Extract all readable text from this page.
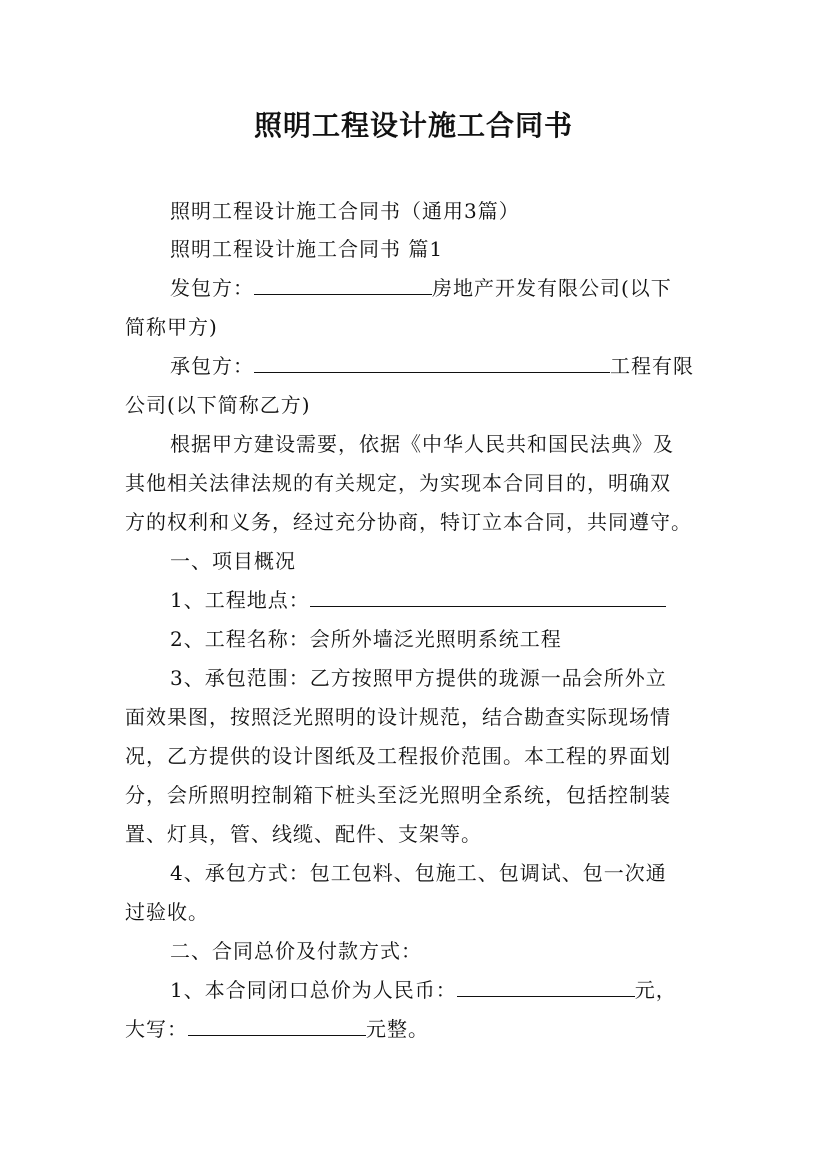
照明工程设计施工合同书
照明工程设计施工合同书（通用3篇）
照明工程设计施工合同书 篇1
发包方：	房地产开发有限公司(以下
简称甲方)
承包方：	工程有限
公司(以下简称乙方)
根据甲方建设需要，依据《中华人民共和国民法典》及
其他相关法律法规的有关规定，为实现本合同目的，明确双
方的权利和义务，经过充分协商，特订立本合同，共同遵守。
一、项目概况
1、工程地点：
2、工程名称：会所外墙泛光照明系统工程
3、承包范围：乙方按照甲方提供的珑源一品会所外立
面效果图，按照泛光照明的设计规范，结合勘查实际现场情
况，乙方提供的设计图纸及工程报价范围。本工程的界面划
分，会所照明控制箱下桩头至泛光照明全系统，包括控制装
置、灯具，管、线缆、配件、支架等。
4、承包方式：包工包料、包施工、包调试、包一次通
过验收。
二、合同总价及付款方式：
1、本合同闭口总价为人民币：	元，
大写：	元整。
